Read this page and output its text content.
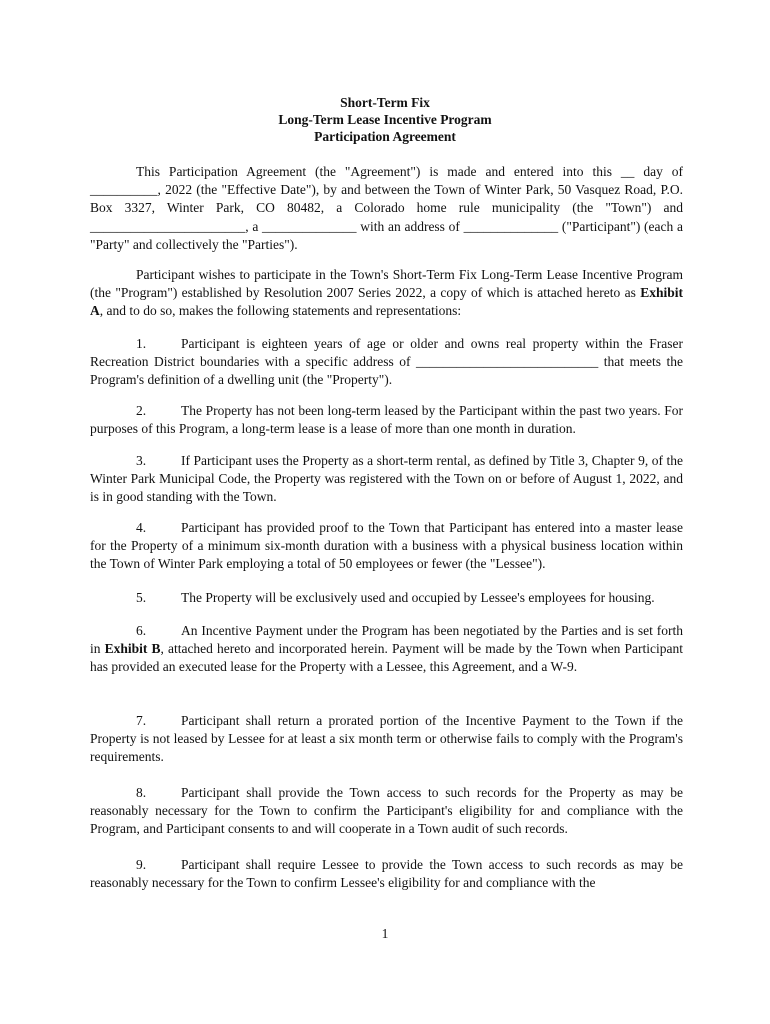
Short-Term Fix
Long-Term Lease Incentive Program
Participation Agreement

This Participation Agreement (the "Agreement") is made and entered into this __ day of __________, 2022 (the "Effective Date"), by and between the Town of Winter Park, 50 Vasquez Road, P.O. Box 3327, Winter Park, CO 80482, a Colorado home rule municipality (the "Town") and _______________________, a ______________ with an address of ______________ ("Participant") (each a "Party" and collectively the "Parties").

Participant wishes to participate in the Town's Short-Term Fix Long-Term Lease Incentive Program (the "Program") established by Resolution 2007 Series 2022, a copy of which is attached hereto as Exhibit A, and to do so, makes the following statements and representations:

1.	Participant is eighteen years of age or older and owns real property within the Fraser Recreation District boundaries with a specific address of ___________________________ that meets the Program's definition of a dwelling unit (the "Property").

2.	The Property has not been long-term leased by the Participant within the past two years. For purposes of this Program, a long-term lease is a lease of more than one month in duration.

3.	If Participant uses the Property as a short-term rental, as defined by Title 3, Chapter 9, of the Winter Park Municipal Code, the Property was registered with the Town on or before of August 1, 2022, and is in good standing with the Town.

4.	Participant has provided proof to the Town that Participant has entered into a master lease for the Property of a minimum six-month duration with a business with a physical business location within the Town of Winter Park employing a total of 50 employees or fewer (the "Lessee").

5.	The Property will be exclusively used and occupied by Lessee's employees for housing.

6.	An Incentive Payment under the Program has been negotiated by the Parties and is set forth in Exhibit B, attached hereto and incorporated herein. Payment will be made by the Town when Participant has provided an executed lease for the Property with a Lessee, this Agreement, and a W-9.

7.	Participant shall return a prorated portion of the Incentive Payment to the Town if the Property is not leased by Lessee for at least a six month term or otherwise fails to comply with the Program's requirements.

8.	Participant shall provide the Town access to such records for the Property as may be reasonably necessary for the Town to confirm the Participant's eligibility for and compliance with the Program, and Participant consents to and will cooperate in a Town audit of such records.

9.	Participant shall require Lessee to provide the Town access to such records as may be reasonably necessary for the Town to confirm Lessee's eligibility for and compliance with the

1
